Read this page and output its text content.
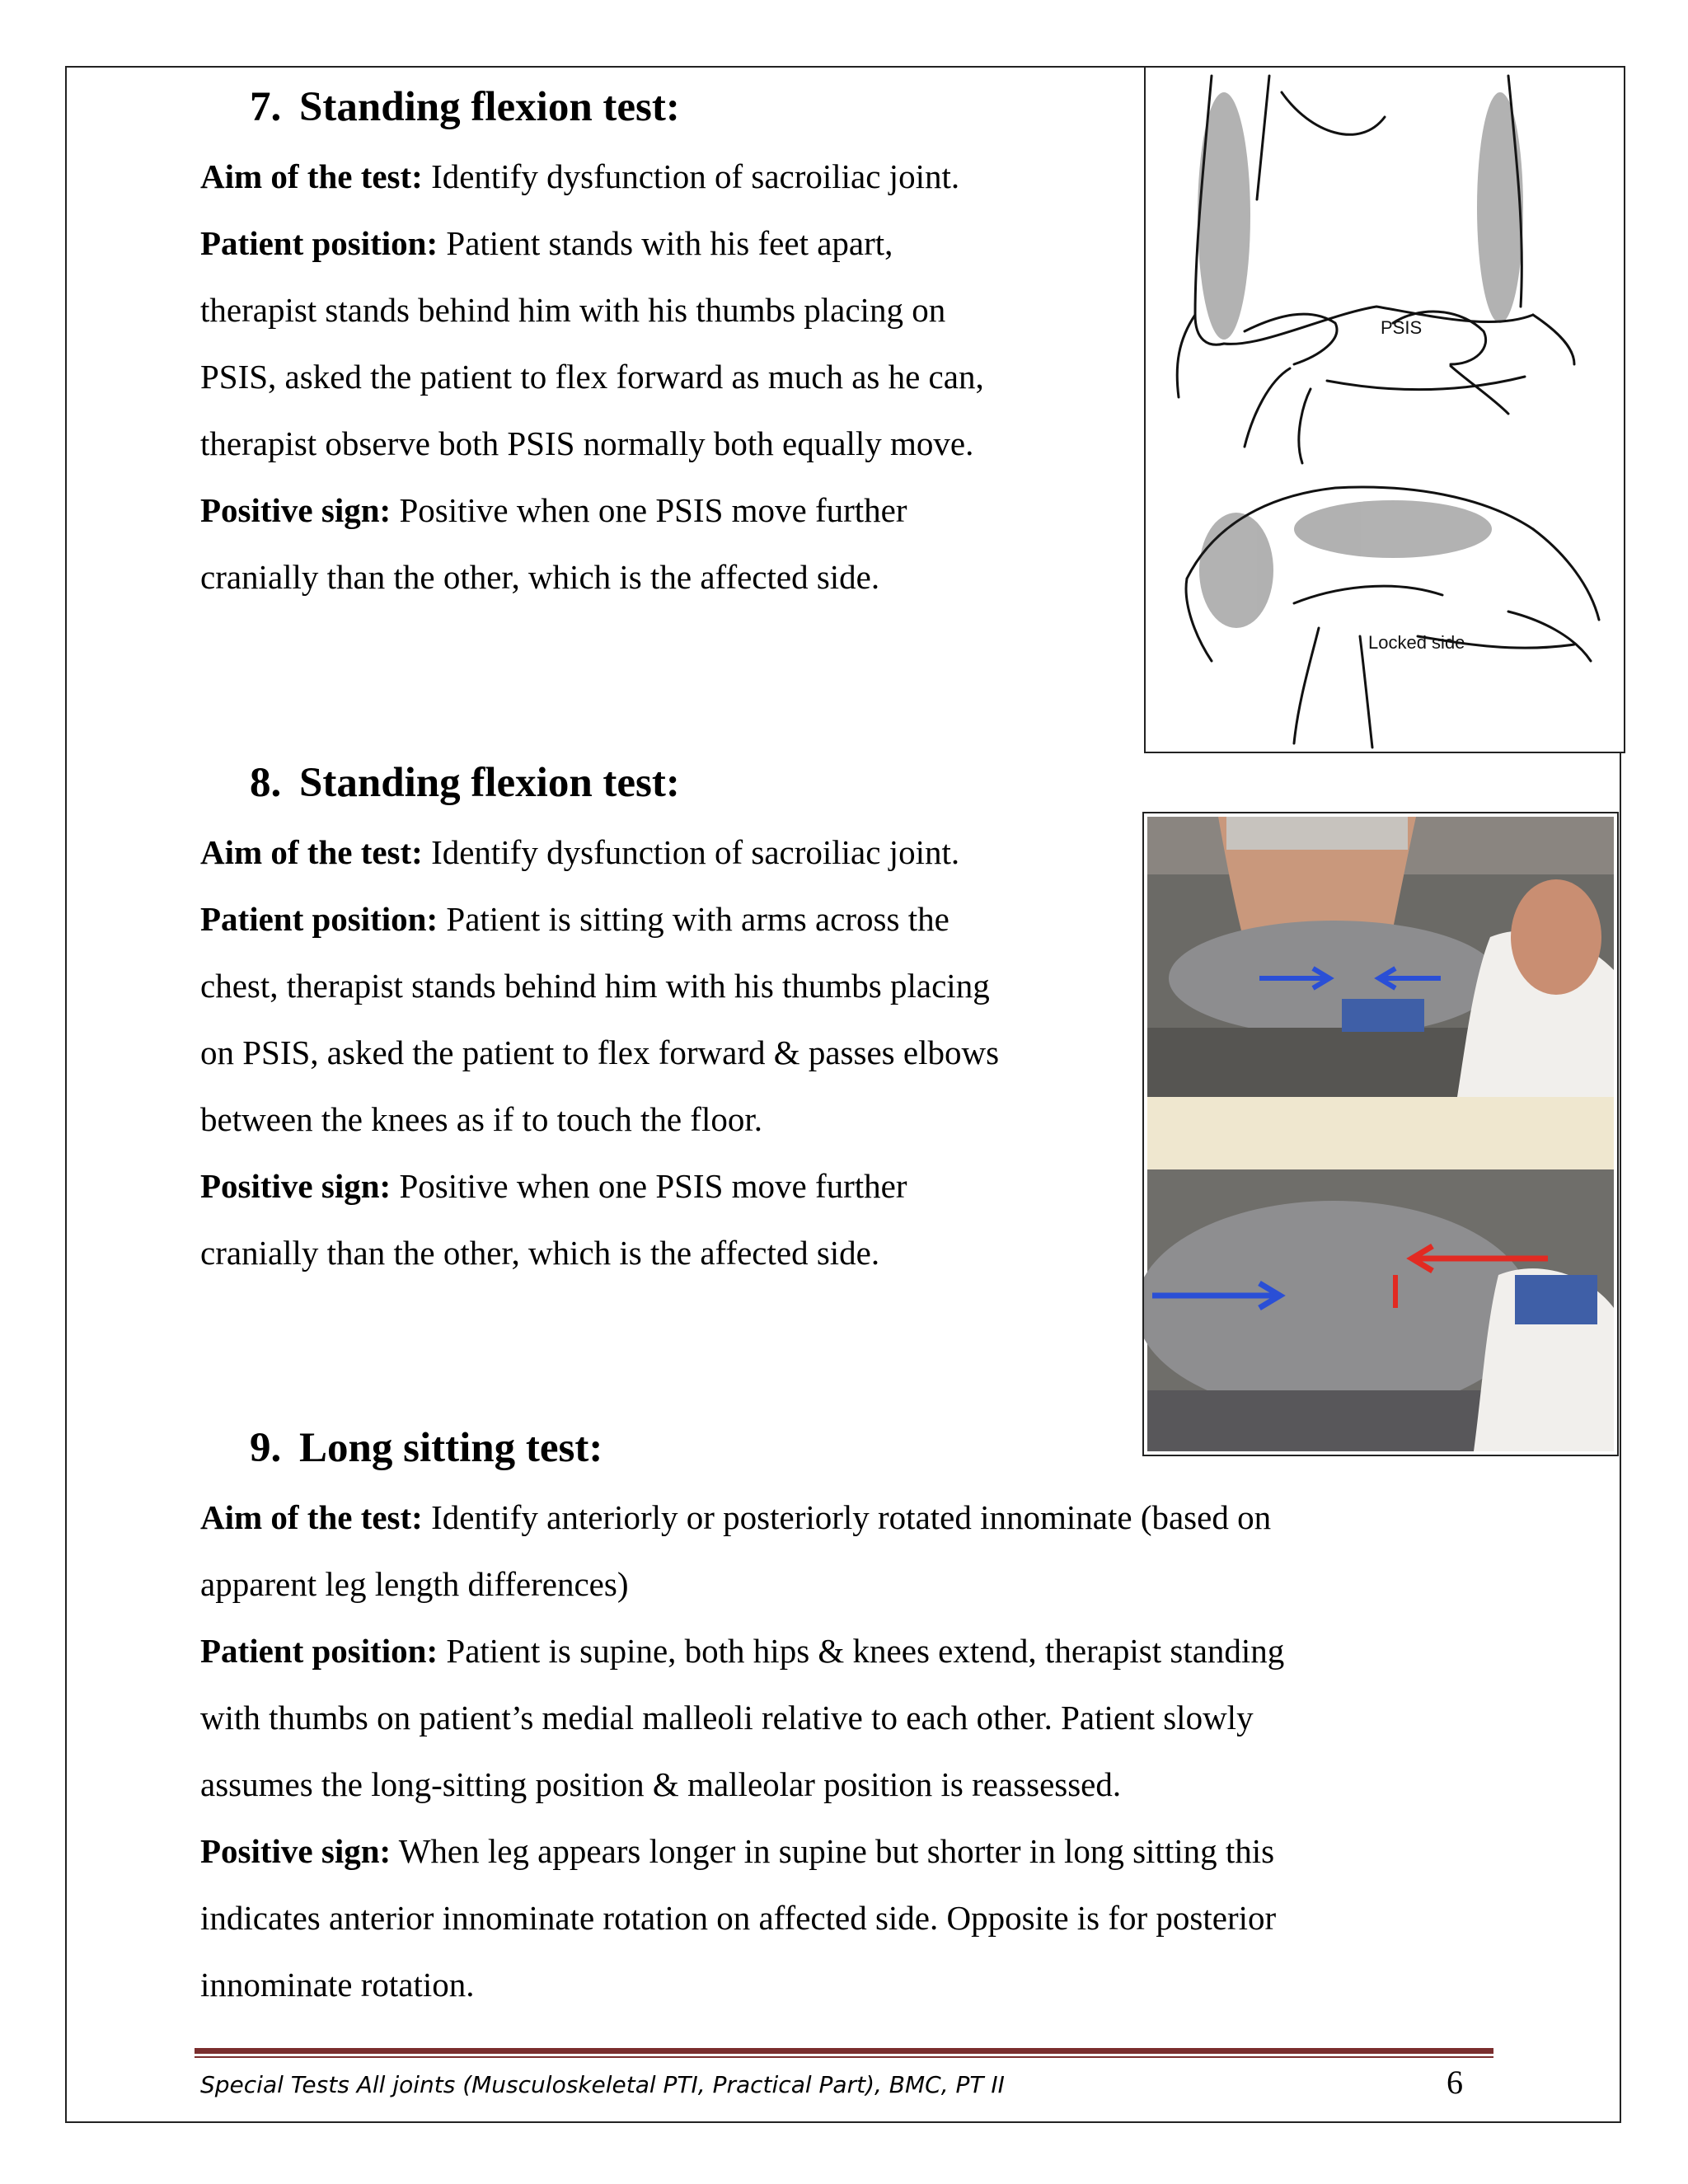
7. Standing flexion test:

Aim of the test: Identify dysfunction of sacroiliac joint.

Patient position: Patient stands with his feet apart,
therapist stands behind him with his thumbs placing on
PSIS, asked the patient to flex forward as much as he can,
therapist observe both PSIS normally both equally move.

Positive sign: Positive when one PSIS move further
cranially than the other, which is the affected side.

8. Standing flexion test:

Aim of the test: Identify dysfunction of sacroiliac joint.

Patient position: Patient is sitting with arms across the
chest, therapist stands behind him with his thumbs placing
on PSIS, asked the patient to flex forward & passes elbows
between the knees as if to touch the floor.

Positive sign: Positive when one PSIS move further
cranially than the other, which is the affected side.

9. Long sitting test:

Aim of the test: Identify anteriorly or posteriorly rotated innominate (based on
apparent leg length differences)

Patient position: Patient is supine, both hips & knees extend, therapist standing
with thumbs on patient’s medial malleoli relative to each other. Patient slowly
assumes the long-sitting position & malleolar position is reassessed.

Positive sign: When leg appears longer in supine but shorter in long sitting this
indicates anterior innominate rotation on affected side. Opposite is for posterior
innominate rotation.

PSIS
Locked side
Special Tests All joints (Musculoskeletal PTI, Practical Part), BMC, PT II	6
